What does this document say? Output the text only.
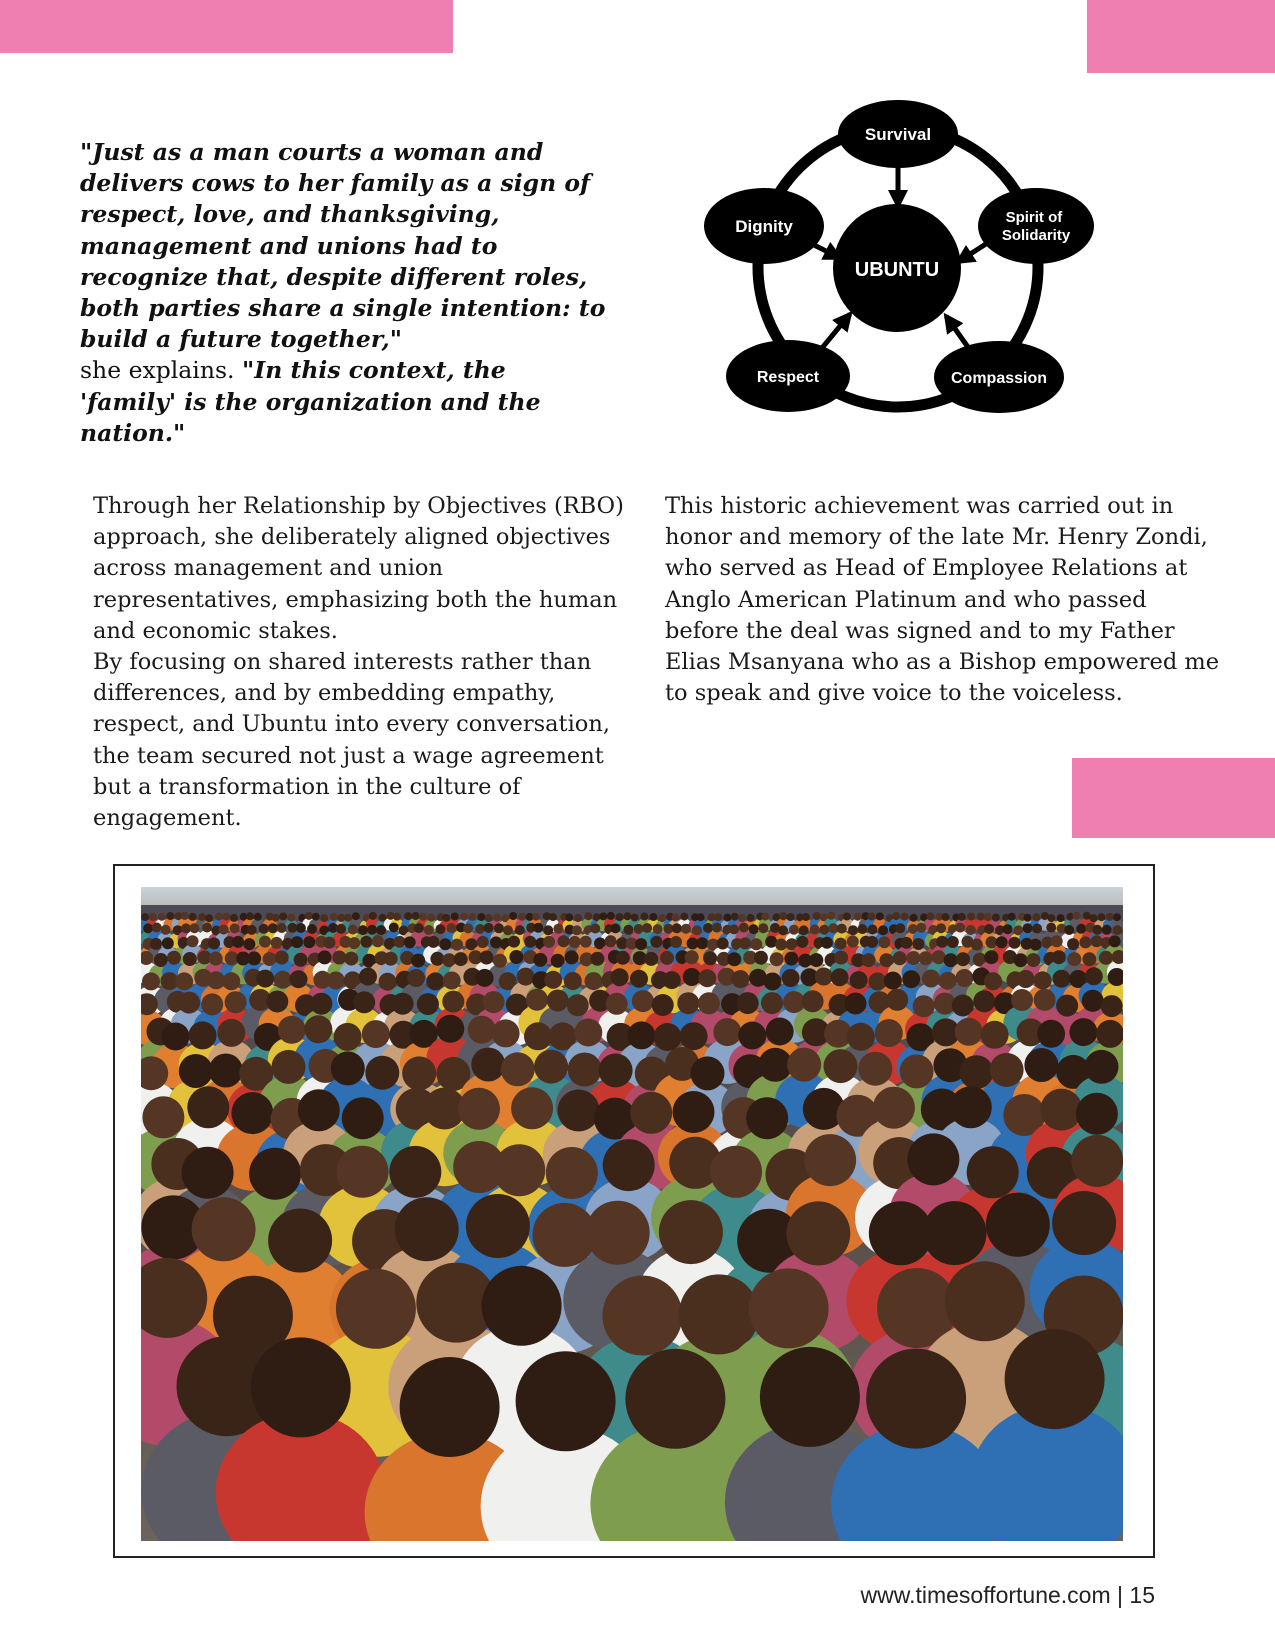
"Just as a man courts a woman and delivers cows to her family as a sign of respect, love, and thanksgiving, management and unions had to recognize that, despite different roles, both parties share a single intention: to build a future together,"
she explains. "In this context, the 'family' is the organization and the nation."
UBUNTU
Survival
Spirit of Solidarity
Compassion
Respect
Dignity

Through her Relationship by Objectives (RBO) approach, she deliberately aligned objectives across management and union representatives, emphasizing both the human and economic stakes.

By focusing on shared interests rather than differences, and by embedding empathy, respect, and Ubuntu into every conversation, the team secured not just a wage agreement but a transformation in the culture of engagement.

This historic achievement was carried out in honor and memory of the late Mr. Henry Zondi, who served as Head of Employee Relations at Anglo American Platinum and who passed before the deal was signed and to my Father Elias Msanyana who as a Bishop empowered me to speak and give voice to the voiceless.

www.timesoffortune.com | 15
